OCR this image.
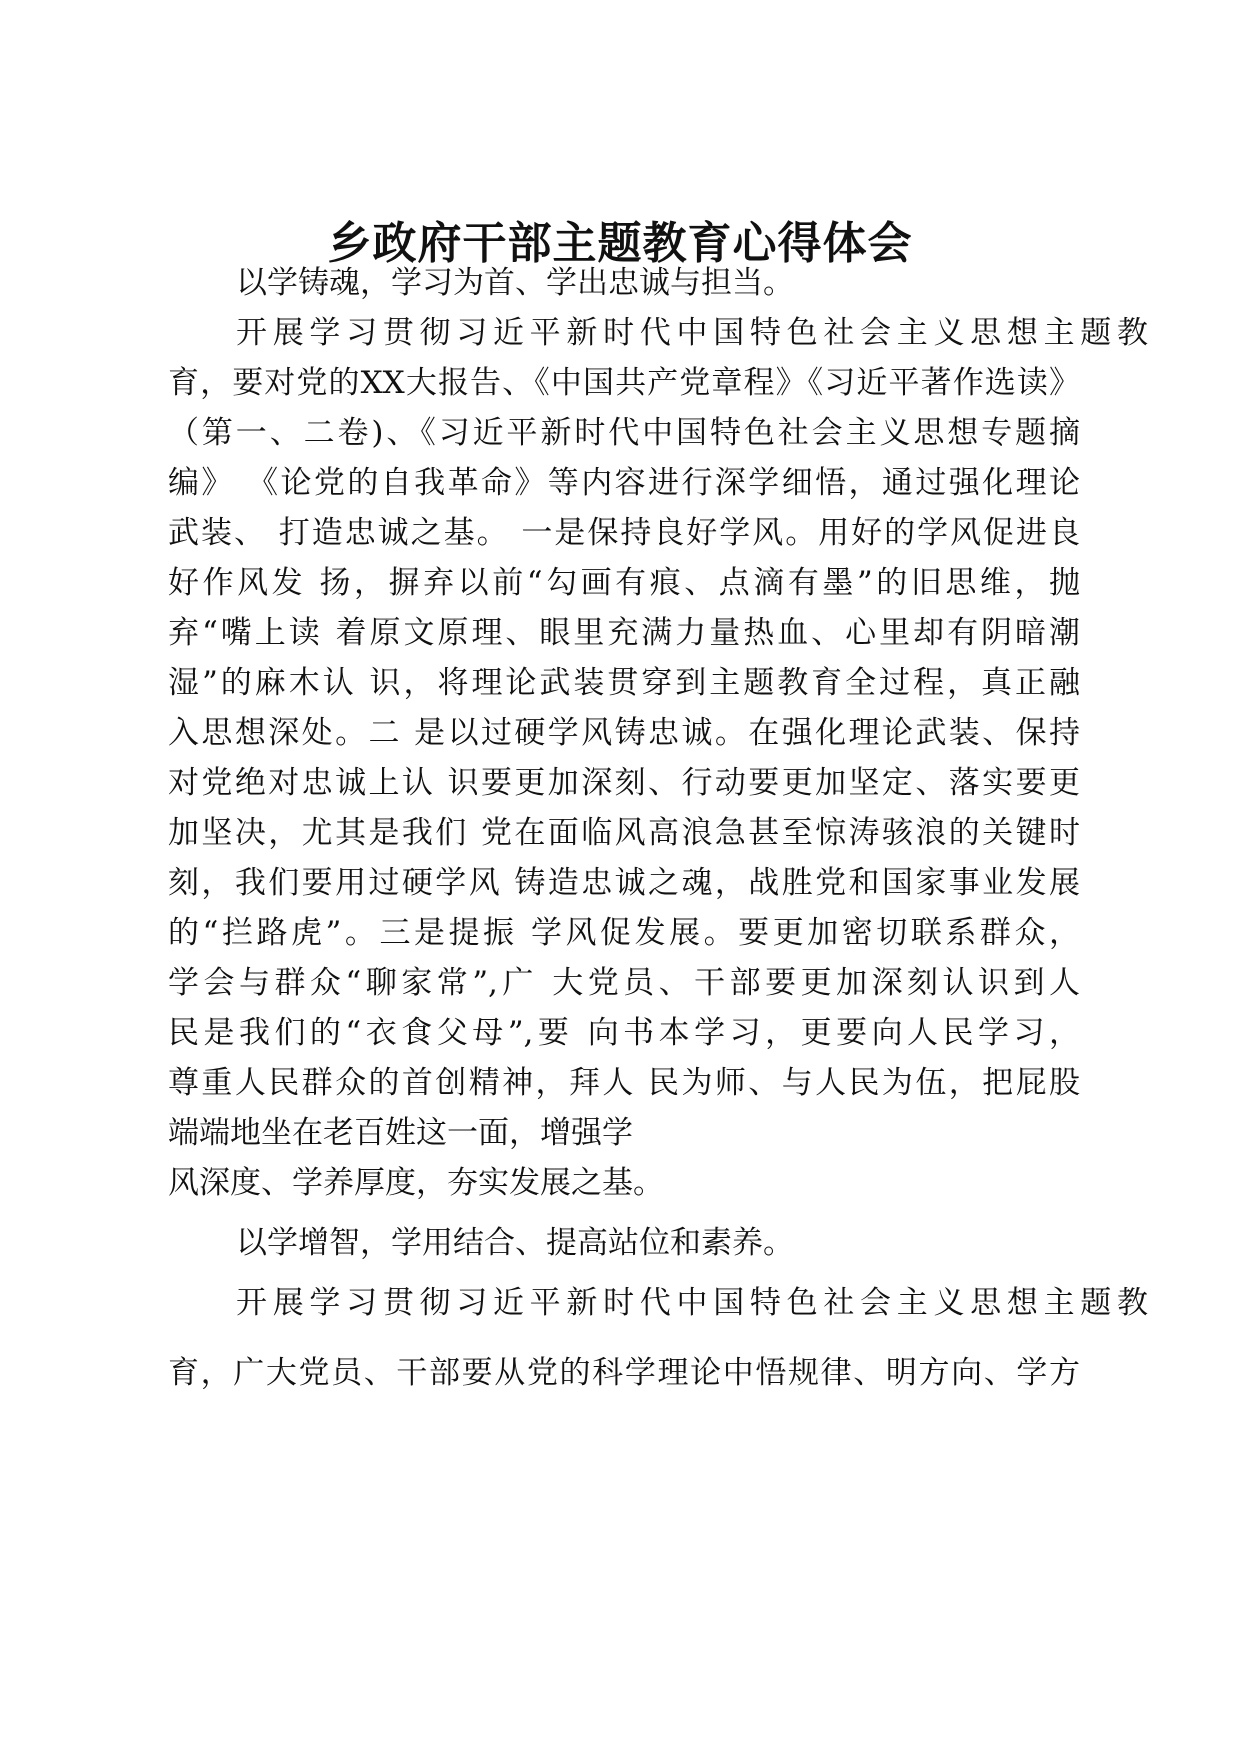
乡政府干部主题教育心得体会

以学铸魂，学习为首、学出忠诚与担当。

开展学习贯彻习近平新时代中国特色社会主义思想主题教

育，要对党的XX大报告、《中国共产党章程》《习近平著作选读》

（第一、二卷)、《习近平新时代中国特色社会主义思想专题摘

编》 《论党的自我革命》等内容进行深学细悟，通过强化理论

武装、 打造忠诚之基。 一是保持良好学风。用好的学风促进良

好作风发 扬，摒弃以前“勾画有痕、点滴有墨”的旧思维，抛

弃“嘴上读 着原文原理、眼里充满力量热血、心里却有阴暗潮

湿”的麻木认 识，将理论武装贯穿到主题教育全过程，真正融

入思想深处。二 是以过硬学风铸忠诚。在强化理论武装、保持

对党绝对忠诚上认 识要更加深刻、行动要更加坚定、落实要更

加坚决，尤其是我们 党在面临风高浪急甚至惊涛骇浪的关键时

刻，我们要用过硬学风 铸造忠诚之魂，战胜党和国家事业发展

的“拦路虎”。三是提振 学风促发展。要更加密切联系群众，

学会与群众“聊家常”,广 大党员、干部要更加深刻认识到人

民是我们的“衣食父母”,要 向书本学习，更要向人民学习，

尊重人民群众的首创精神，拜人 民为师、与人民为伍，把屁股

端端地坐在老百姓这一面，增强学

风深度、学养厚度，夯实发展之基。

以学增智，学用结合、提高站位和素养。

开展学习贯彻习近平新时代中国特色社会主义思想主题教

育，广大党员、干部要从党的科学理论中悟规律、明方向、学方
